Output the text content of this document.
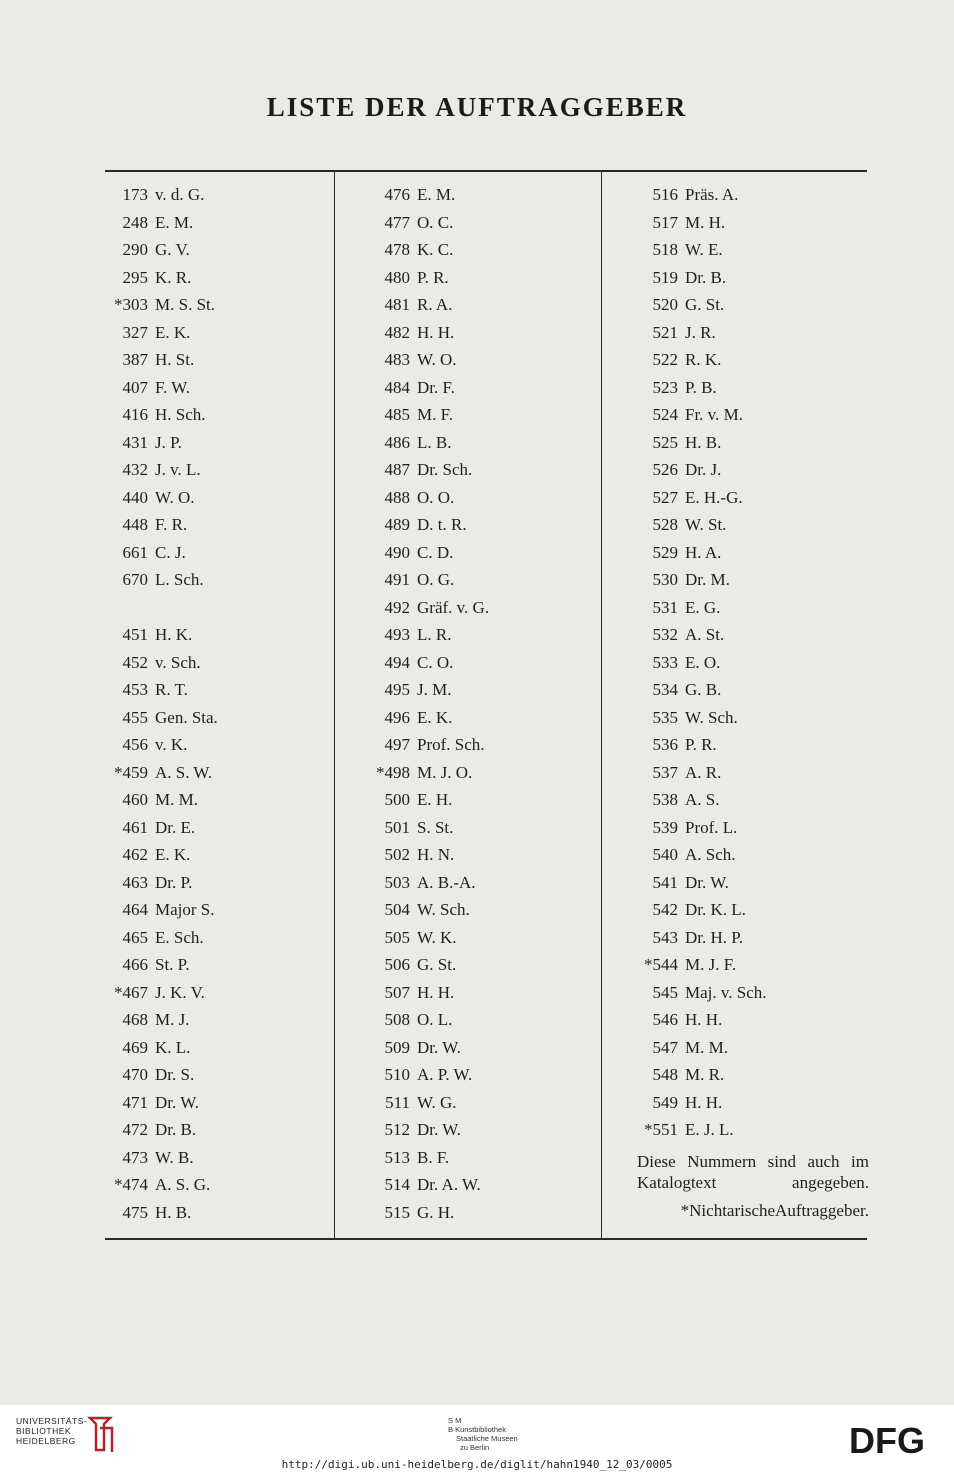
LISTE DER AUFTRAGGEBER
173 v. d. G.
248 E. M.
290 G. V.
295 K. R.
*303 M. S. St.
327 E. K.
387 H. St.
407 F. W.
416 H. Sch.
431 J. P.
432 J. v. L.
440 W. O.
448 F. R.
661 C. J.
670 L. Sch.
451 H. K.
452 v. Sch.
453 R. T.
455 Gen. Sta.
456 v. K.
*459 A. S. W.
460 M. M.
461 Dr. E.
462 E. K.
463 Dr. P.
464 Major S.
465 E. Sch.
466 St. P.
*467 J. K. V.
468 M. J.
469 K. L.
470 Dr. S.
471 Dr. W.
472 Dr. B.
473 W. B.
*474 A. S. G.
475 H. B.
476 E. M.
477 O. C.
478 K. C.
480 P. R.
481 R. A.
482 H. H.
483 W. O.
484 Dr. F.
485 M. F.
486 L. B.
487 Dr. Sch.
488 O. O.
489 D. t. R.
490 C. D.
491 O. G.
492 Gräf. v. G.
493 L. R.
494 C. O.
495 J. M.
496 E. K.
497 Prof. Sch.
*498 M. J. O.
500 E. H.
501 S. St.
502 H. N.
503 A. B.-A.
504 W. Sch.
505 W. K.
506 G. St.
507 H. H.
508 O. L.
509 Dr. W.
510 A. P. W.
511 W. G.
512 Dr. W.
513 B. F.
514 Dr. A. W.
515 G. H.
516 Präs. A.
517 M. H.
518 W. E.
519 Dr. B.
520 G. St.
521 J. R.
522 R. K.
523 P. B.
524 Fr. v. M.
525 H. B.
526 Dr. J.
527 E. H.-G.
528 W. St.
529 H. A.
530 Dr. M.
531 E. G.
532 A. St.
533 E. O.
534 G. B.
535 W. Sch.
536 P. R.
537 A. R.
538 A. S.
539 Prof. L.
540 A. Sch.
541 Dr. W.
542 Dr. K. L.
543 Dr. H. P.
*544 M. J. F.
545 Maj. v. Sch.
546 H. H.
547 M. M.
548 M. R.
549 H. H.
*551 E. J. L.
Diese Nummern sind auch im Katalogtext angegeben.
*NichtarischeAuftraggeber.
UNIVERSITÄTS-
BIBLIOTHEK
HEIDELBERG
S M
B Kunstbibliothek
Staatliche Museen
zu Berlin	DFG
http://digi.ub.uni-heidelberg.de/diglit/hahn1940_12_03/0005
